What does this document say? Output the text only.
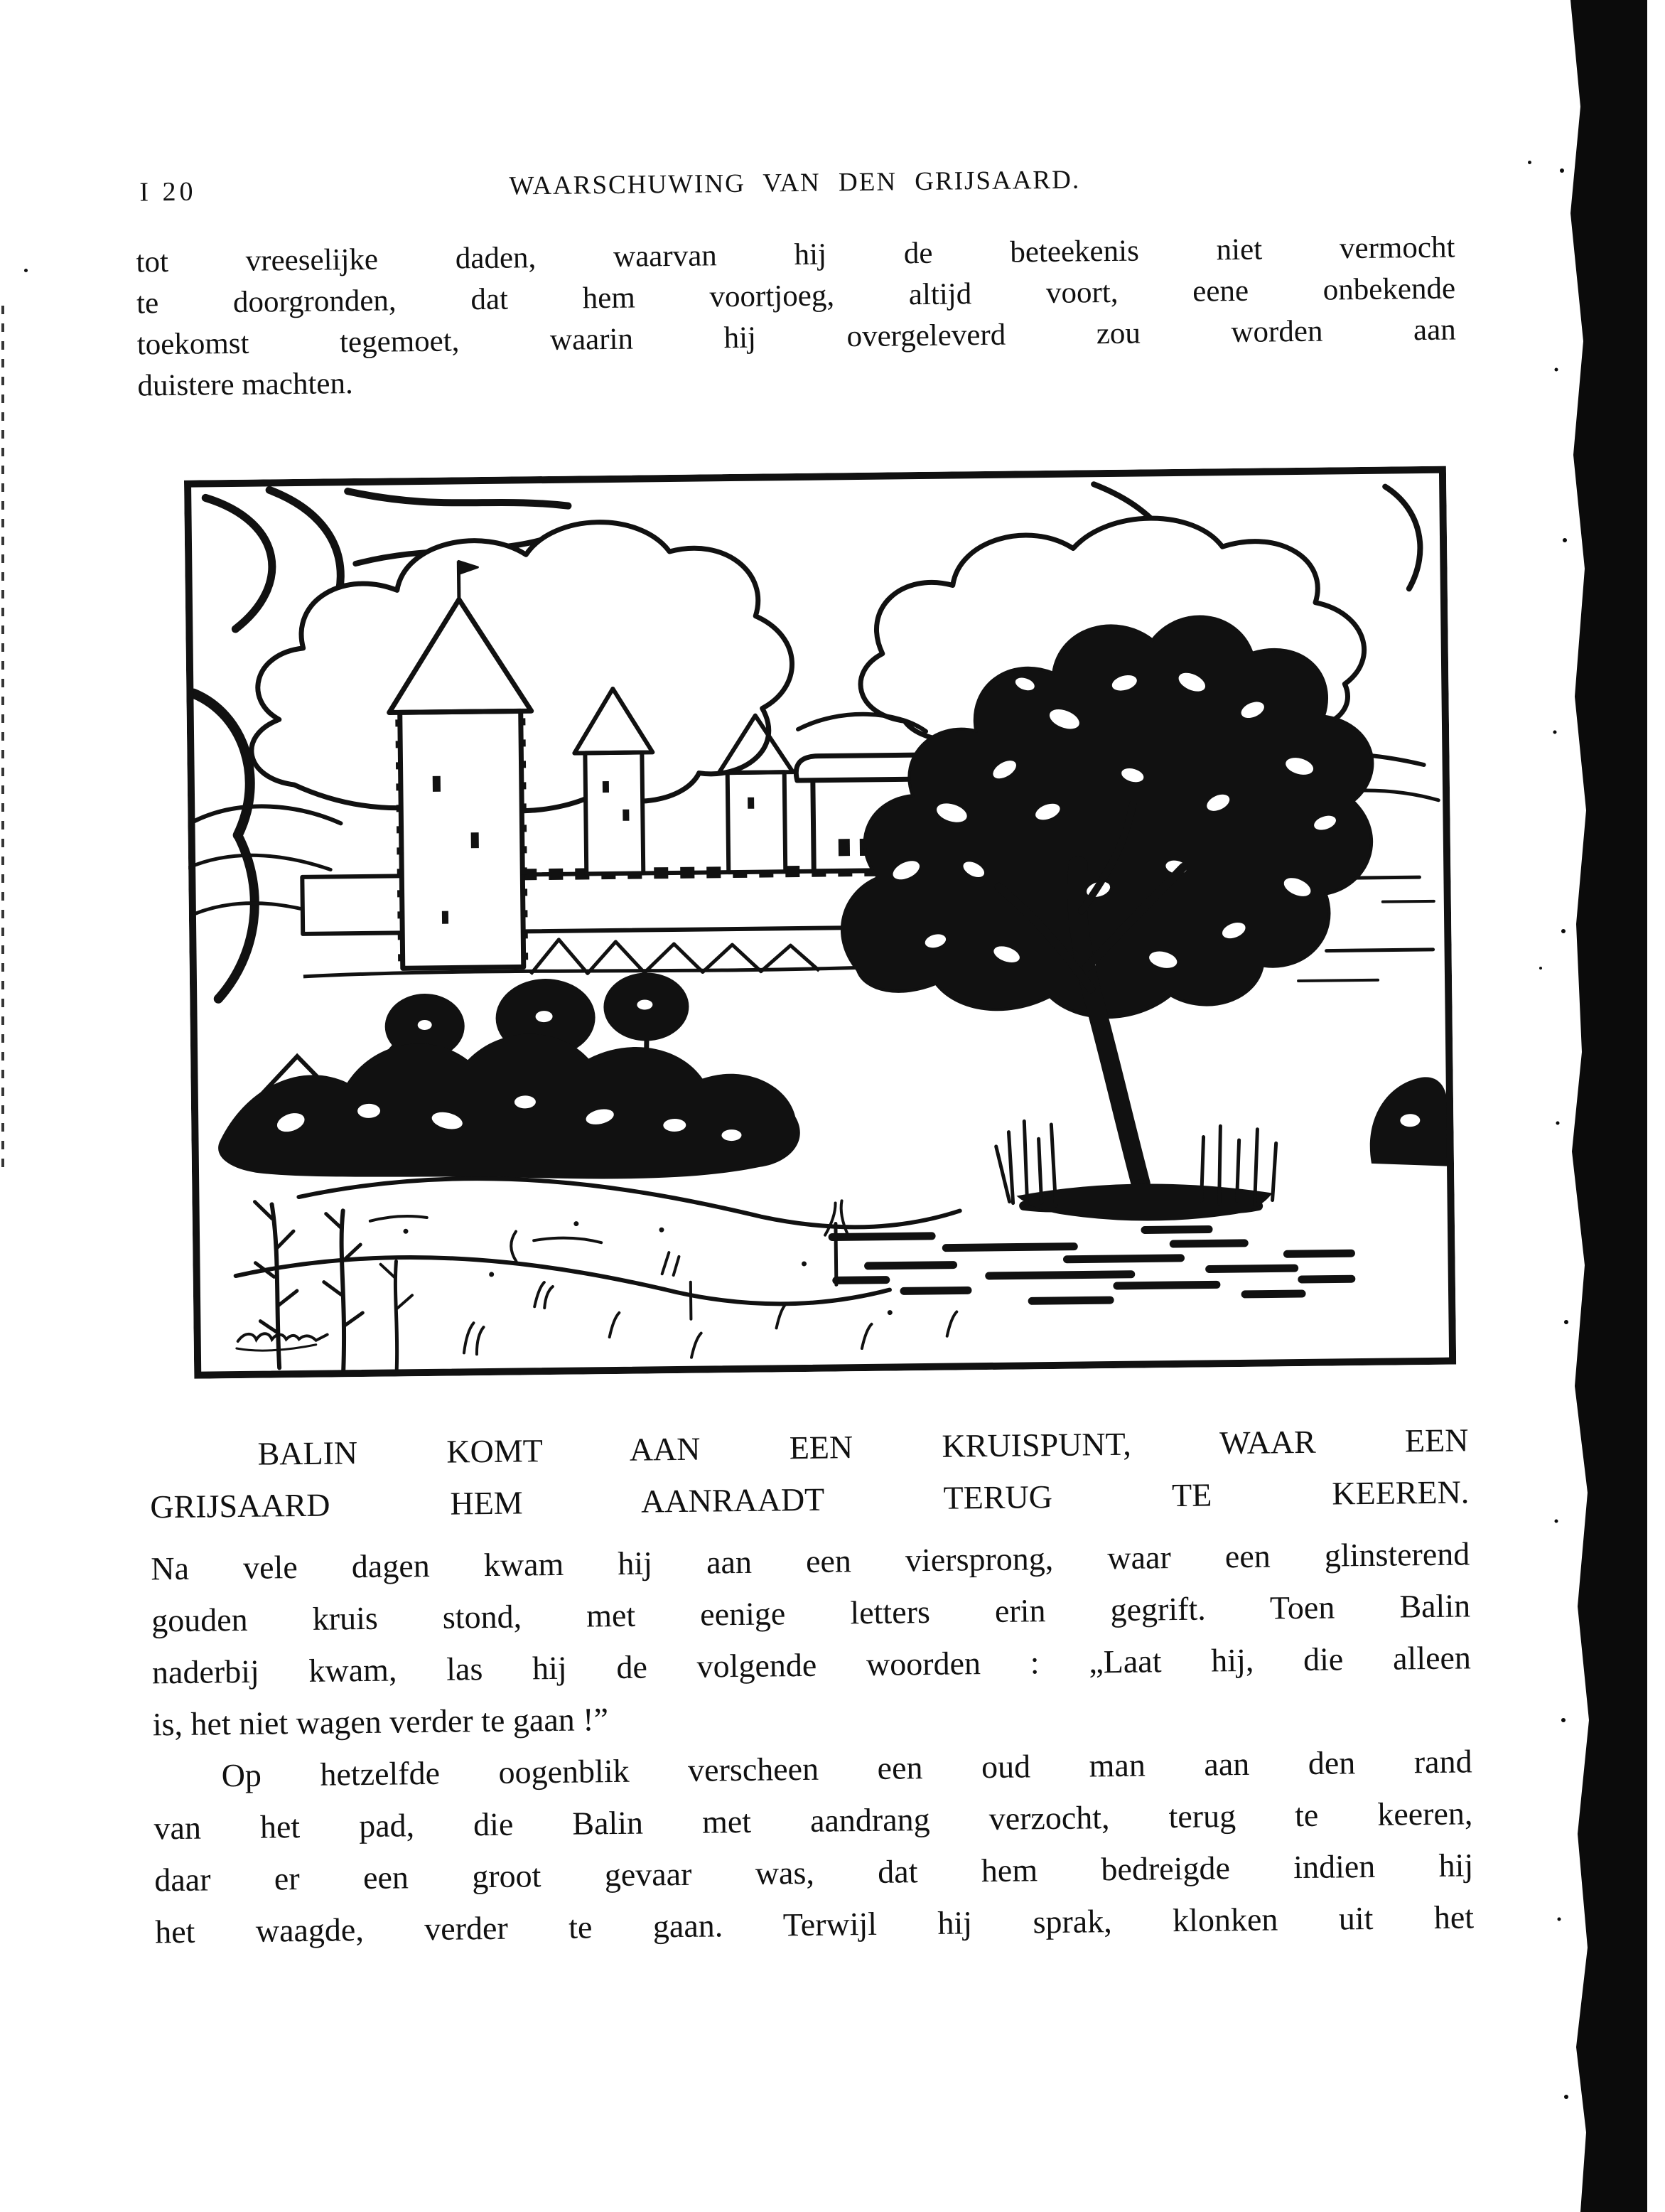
I 20	WAARSCHUWING VAN DEN GRIJSAARD.
tot vreeselijke daden, waarvan hij de beteekenis niet vermocht
te doorgronden, dat hem voortjoeg, altijd voort, eene onbekende
toekomst tegemoet, waarin hij overgeleverd zou worden aan
duistere machten.
BALIN KOMT AAN EEN KRUISPUNT, WAAR EEN
GRIJSAARD HEM AANRAADT TERUG TE KEEREN.
Na vele dagen kwam hij aan een viersprong, waar een glinsterend
gouden kruis stond, met eenige letters erin gegrift. Toen Balin
naderbij kwam, las hij de volgende woorden : „Laat hij, die alleen
is, het niet wagen verder te gaan !”
Op hetzelfde oogenblik verscheen een oud man aan den rand
van het pad, die Balin met aandrang verzocht, terug te keeren,
daar er een groot gevaar was, dat hem bedreigde indien hij
het waagde, verder te gaan. Terwijl hij sprak, klonken uit het
